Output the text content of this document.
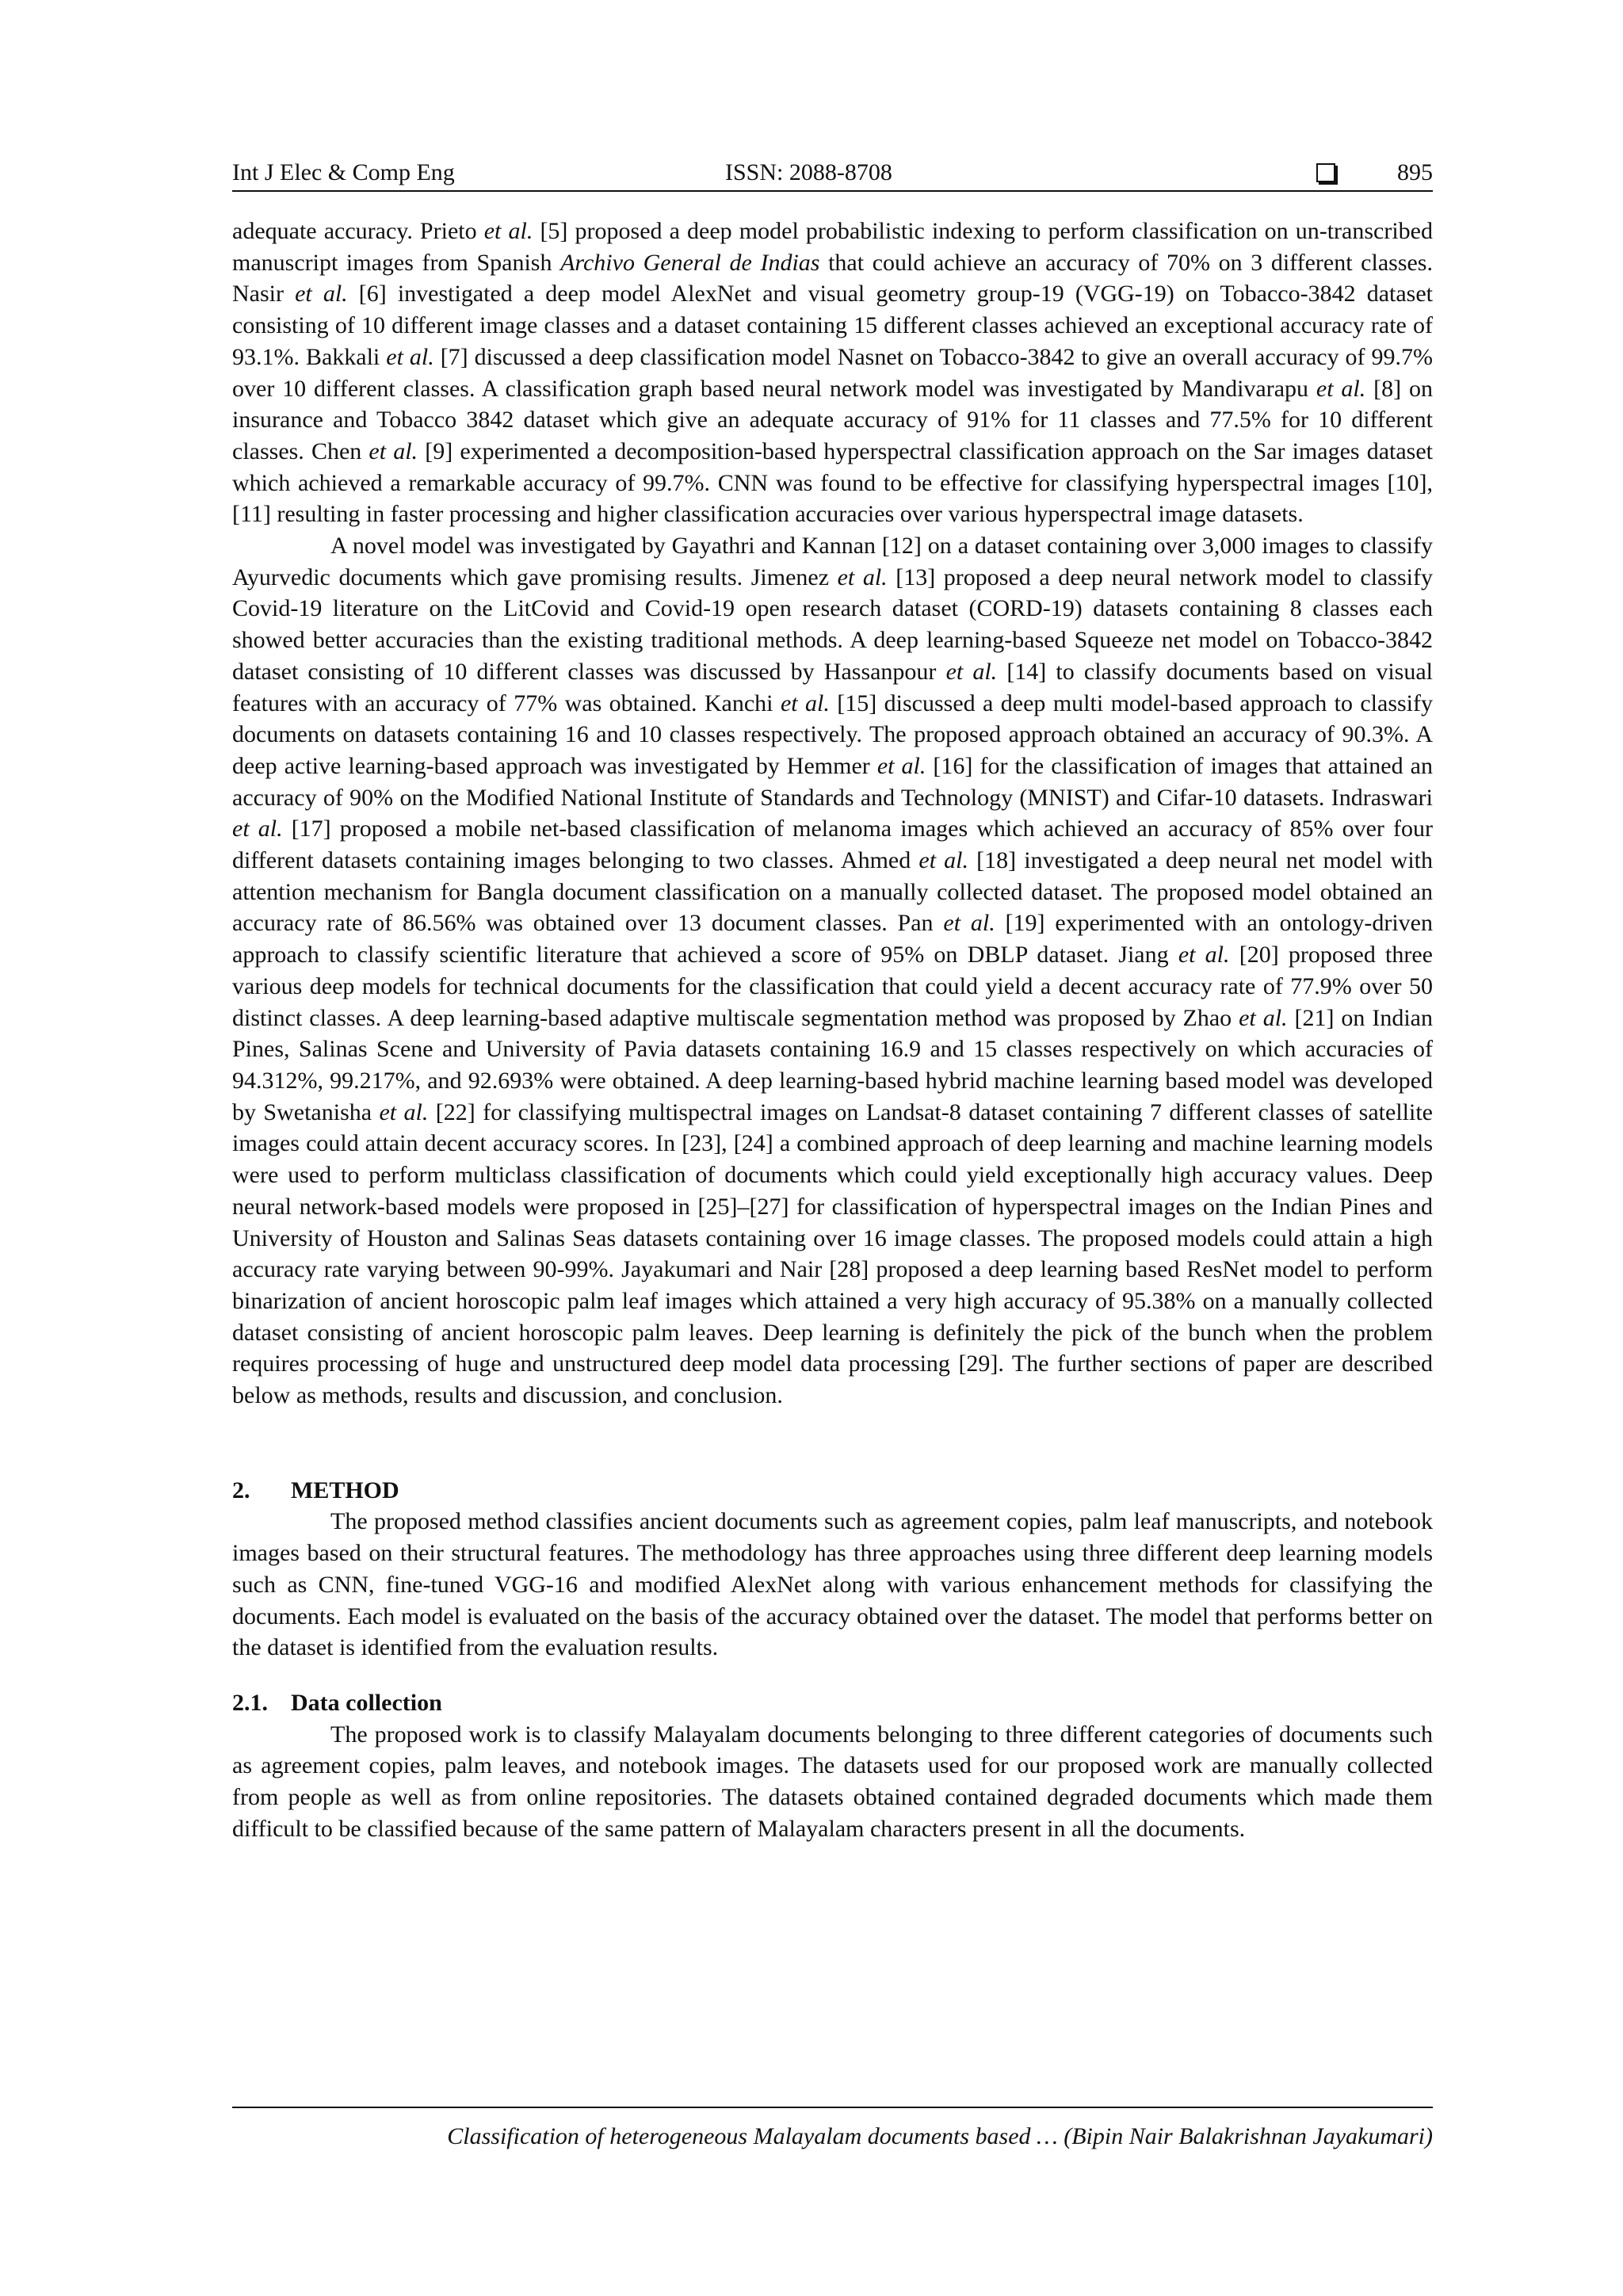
Int J Elec & Comp Eng	ISSN: 2088-8708	895

adequate accuracy. Prieto et al. [5] proposed a deep model probabilistic indexing to perform classification on un-transcribed manuscript images from Spanish Archivo General de Indias that could achieve an accuracy of 70% on 3 different classes. Nasir et al. [6] investigated a deep model AlexNet and visual geometry group-19 (VGG-19) on Tobacco-3842 dataset consisting of 10 different image classes and a dataset containing 15 different classes achieved an exceptional accuracy rate of 93.1%. Bakkali et al. [7] discussed a deep classification model Nasnet on Tobacco-3842 to give an overall accuracy of 99.7% over 10 different classes. A classification graph based neural network model was investigated by Mandivarapu et al. [8] on insurance and Tobacco 3842 dataset which give an adequate accuracy of 91% for 11 classes and 77.5% for 10 different classes. Chen et al. [9] experimented a decomposition-based hyperspectral classification approach on the Sar images dataset which achieved a remarkable accuracy of 99.7%. CNN was found to be effective for classifying hyperspectral images [10], [11] resulting in faster processing and higher classification accuracies over various hyperspectral image datasets.

A novel model was investigated by Gayathri and Kannan [12] on a dataset containing over 3,000 images to classify Ayurvedic documents which gave promising results. Jimenez et al. [13] proposed a deep neural network model to classify Covid-19 literature on the LitCovid and Covid-19 open research dataset (CORD-19) datasets containing 8 classes each showed better accuracies than the existing traditional methods. A deep learning-based Squeeze net model on Tobacco-3842 dataset consisting of 10 different classes was discussed by Hassanpour et al. [14] to classify documents based on visual features with an accuracy of 77% was obtained. Kanchi et al. [15] discussed a deep multi model-based approach to classify documents on datasets containing 16 and 10 classes respectively. The proposed approach obtained an accuracy of 90.3%. A deep active learning-based approach was investigated by Hemmer et al. [16] for the classification of images that attained an accuracy of 90% on the Modified National Institute of Standards and Technology (MNIST) and Cifar-10 datasets. Indraswari et al. [17] proposed a mobile net-based classification of melanoma images which achieved an accuracy of 85% over four different datasets containing images belonging to two classes. Ahmed et al. [18] investigated a deep neural net model with attention mechanism for Bangla document classification on a manually collected dataset. The proposed model obtained an accuracy rate of 86.56% was obtained over 13 document classes. Pan et al. [19] experimented with an ontology-driven approach to classify scientific literature that achieved a score of 95% on DBLP dataset. Jiang et al. [20] proposed three various deep models for technical documents for the classification that could yield a decent accuracy rate of 77.9% over 50 distinct classes. A deep learning-based adaptive multiscale segmentation method was proposed by Zhao et al. [21] on Indian Pines, Salinas Scene and University of Pavia datasets containing 16.9 and 15 classes respectively on which accuracies of 94.312%, 99.217%, and 92.693% were obtained. A deep learning-based hybrid machine learning based model was developed by Swetanisha et al. [22] for classifying multispectral images on Landsat-8 dataset containing 7 different classes of satellite images could attain decent accuracy scores. In [23], [24] a combined approach of deep learning and machine learning models were used to perform multiclass classification of documents which could yield exceptionally high accuracy values. Deep neural network-based models were proposed in [25]–[27] for classification of hyperspectral images on the Indian Pines and University of Houston and Salinas Seas datasets containing over 16 image classes. The proposed models could attain a high accuracy rate varying between 90-99%. Jayakumari and Nair [28] proposed a deep learning based ResNet model to perform binarization of ancient horoscopic palm leaf images which attained a very high accuracy of 95.38% on a manually collected dataset consisting of ancient horoscopic palm leaves. Deep learning is definitely the pick of the bunch when the problem requires processing of huge and unstructured deep model data processing [29]. The further sections of paper are described below as methods, results and discussion, and conclusion.

2. METHOD

The proposed method classifies ancient documents such as agreement copies, palm leaf manuscripts, and notebook images based on their structural features. The methodology has three approaches using three different deep learning models such as CNN, fine-tuned VGG-16 and modified AlexNet along with various enhancement methods for classifying the documents. Each model is evaluated on the basis of the accuracy obtained over the dataset. The model that performs better on the dataset is identified from the evaluation results.

2.1. Data collection

The proposed work is to classify Malayalam documents belonging to three different categories of documents such as agreement copies, palm leaves, and notebook images. The datasets used for our proposed work are manually collected from people as well as from online repositories. The datasets obtained contained degraded documents which made them difficult to be classified because of the same pattern of Malayalam characters present in all the documents.

Classification of heterogeneous Malayalam documents based … (Bipin Nair Balakrishnan Jayakumari)
